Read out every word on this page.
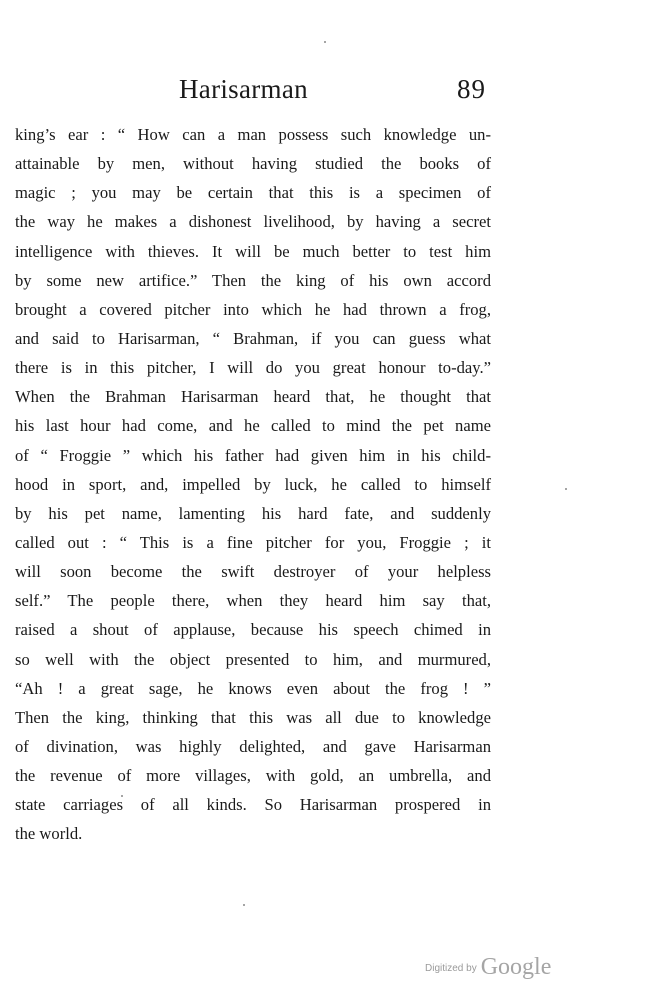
Harisarman	89
king’s ear : “ How can a man possess such knowledge un-
attainable by men, without having studied the books of
magic ; you may be certain that this is a specimen of
the way he makes a dishonest livelihood, by having a secret
intelligence with thieves. It will be much better to test him
by some new artifice.” Then the king of his own accord
brought a covered pitcher into which he had thrown a frog,
and said to Harisarman, “ Brahman, if you can guess what
there is in this pitcher, I will do you great honour to-day.”
When the Brahman Harisarman heard that, he thought that
his last hour had come, and he called to mind the pet name
of “ Froggie ” which his father had given him in his child-
hood in sport, and, impelled by luck, he called to himself
by his pet name, lamenting his hard fate, and suddenly
called out : “ This is a fine pitcher for you, Froggie ; it
will soon become the swift destroyer of your helpless
self.” The people there, when they heard him say that,
raised a shout of applause, because his speech chimed in
so well with the object presented to him, and murmured,
“Ah ! a great sage, he knows even about the frog ! ”
Then the king, thinking that this was all due to knowledge
of divination, was highly delighted, and gave Harisarman
the revenue of more villages, with gold, an umbrella, and
state carriages of all kinds. So Harisarman prospered in
the world.
Digitized by Google
